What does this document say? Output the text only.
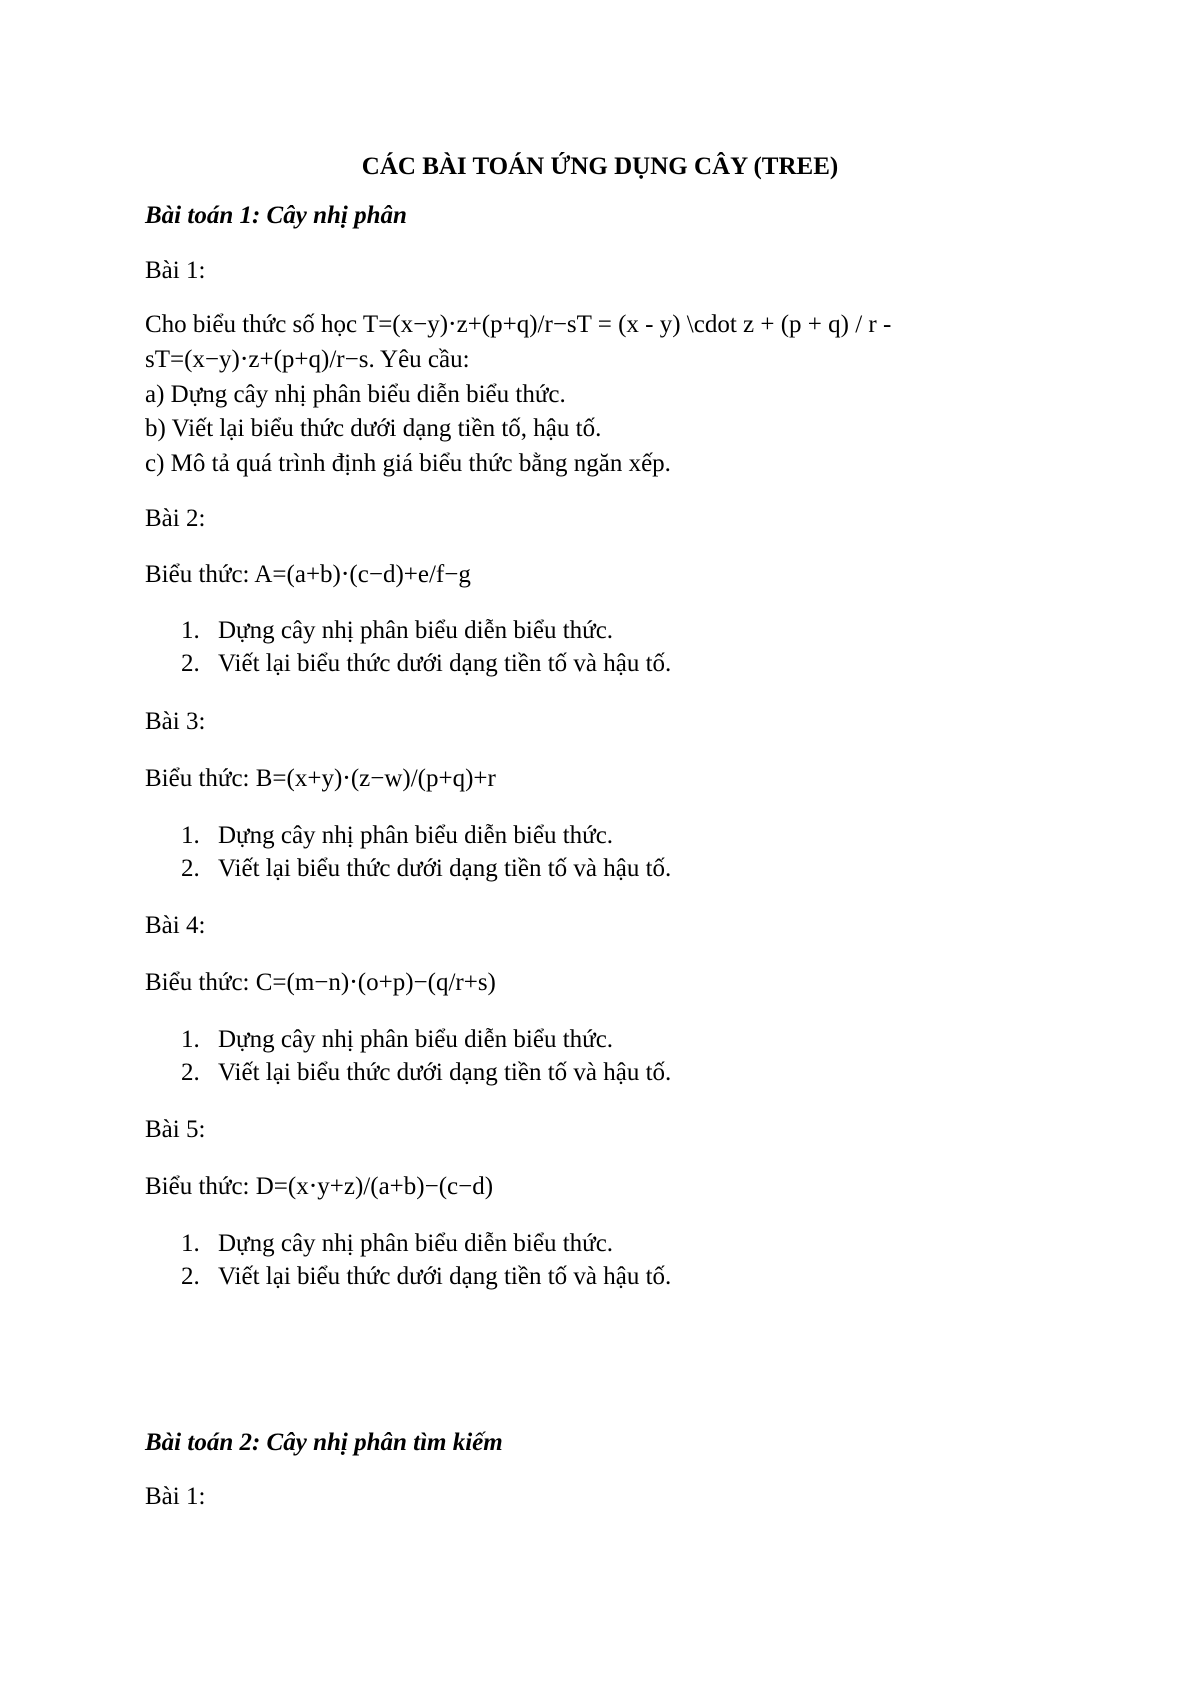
CÁC BÀI TOÁN ỨNG DỤNG CÂY (TREE)
Bài toán 1: Cây nhị phân
Bài 1:
Cho biểu thức số học T=(x−y)⋅z+(p+q)/r−sT = (x - y) \cdot z + (p + q) / r -
sT=(x−y)⋅z+(p+q)/r−s. Yêu cầu:
a) Dựng cây nhị phân biểu diễn biểu thức.
b) Viết lại biểu thức dưới dạng tiền tố, hậu tố.
c) Mô tả quá trình định giá biểu thức bằng ngăn xếp.
Bài 2:
Biểu thức: A=(a+b)⋅(c−d)+e/f−g
1. Dựng cây nhị phân biểu diễn biểu thức.
2. Viết lại biểu thức dưới dạng tiền tố và hậu tố.
Bài 3:
Biểu thức: B=(x+y)⋅(z−w)/(p+q)+r
1. Dựng cây nhị phân biểu diễn biểu thức.
2. Viết lại biểu thức dưới dạng tiền tố và hậu tố.
Bài 4:
Biểu thức: C=(m−n)⋅(o+p)−(q/r+s)
1. Dựng cây nhị phân biểu diễn biểu thức.
2. Viết lại biểu thức dưới dạng tiền tố và hậu tố.
Bài 5:
Biểu thức: D=(x⋅y+z)/(a+b)−(c−d)
1. Dựng cây nhị phân biểu diễn biểu thức.
2. Viết lại biểu thức dưới dạng tiền tố và hậu tố.
Bài toán 2: Cây nhị phân tìm kiếm
Bài 1:
